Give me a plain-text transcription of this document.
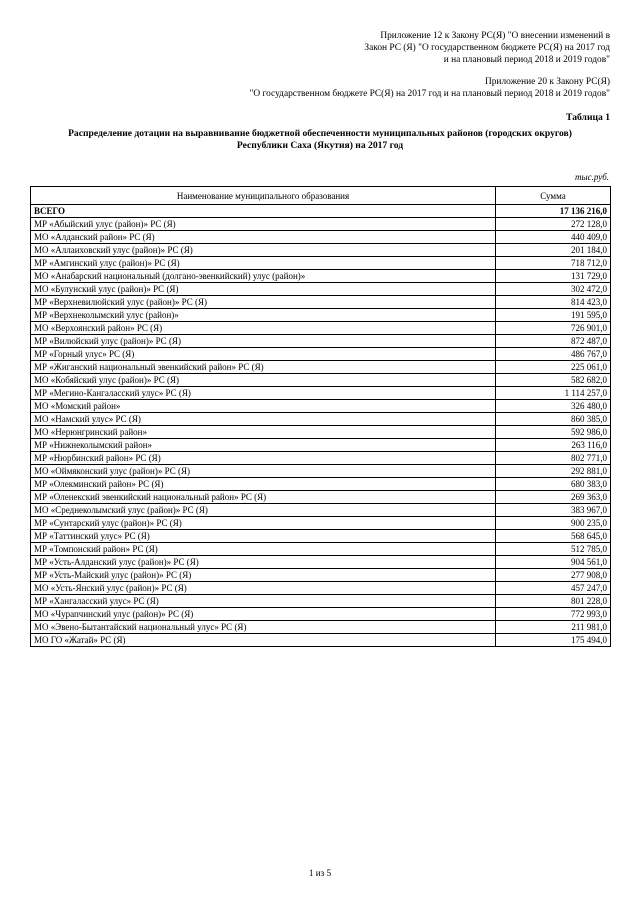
Приложение 12 к Закону РС(Я) "О внесении изменений в
Закон РС (Я) "О государственном бюджете РС(Я) на 2017 год
и на плановый период 2018 и 2019 годов"
Приложение 20 к Закону РС(Я)
"О государственном бюджете РС(Я) на 2017 год и на плановый период 2018 и 2019 годов"
Таблица 1
Распределение дотации на выравнивание бюджетной обеспеченности муниципальных районов (городских округов)
Республики Саха (Якутия) на 2017 год
тыс.руб.
Наименование муниципального образования	Сумма
ВСЕГО	17 136 216,0
МР «Абыйский улус (район)» РС (Я)	272 128,0
МО «Алданский район» РС (Я)	440 409,0
МО «Аллаиховский улус (район)» РС (Я)	201 184,0
МР «Амгинский улус (район)» РС (Я)	718 712,0
МО «Анабарский национальный (долгано-эвенкийский) улус (район)»	131 729,0
МО «Булунский улус (район)» РС (Я)	302 472,0
МР «Верхневилюйский улус (район)» РС (Я)	814 423,0
МР «Верхнеколымский улус (район)»	191 595,0
МО «Верхоянский район» РС (Я)	726 901,0
МР «Вилюйский улус (район)» РС (Я)	872 487,0
МР «Горный улус» РС (Я)	486 767,0
МР «Жиганский национальный эвенкийский район» РС (Я)	225 061,0
МО «Кобяйский улус (район)» РС (Я)	582 682,0
МР «Мегино-Кангаласский улус» РС (Я)	1 114 257,0
МО «Момский район»	326 480,0
МО «Намский улус» РС (Я)	860 385,0
МО «Нерюнгринский район»	592 986,0
МР «Нижнеколымский район»	263 116,0
МР «Нюрбинский район» РС (Я)	802 771,0
МО «Оймяконский улус (район)» РС (Я)	292 881,0
МР «Олекминский район» РС (Я)	680 383,0
МР «Оленекский эвенкийский национальный район» РС (Я)	269 363,0
МО «Среднеколымский улус (район)» РС (Я)	383 967,0
МР «Сунтарский улус (район)» РС (Я)	900 235,0
МР «Таттинский улус» РС (Я)	568 645,0
МР «Томпонский район» РС (Я)	512 785,0
МР «Усть-Алданский улус (район)» РС (Я)	904 561,0
МР «Усть-Майский улус (район)» РС (Я)	277 908,0
МО «Усть-Янский улус (район)» РС (Я)	457 247,0
МР «Хангаласский улус» РС (Я)	801 228,0
МО «Чурапчинский улус (район)» РС (Я)	772 993,0
МО «Эвено-Бытантайский национальный улус» РС (Я)	211 981,0
МО ГО «Жатай» РС (Я)	175 494,0
1 из 5
